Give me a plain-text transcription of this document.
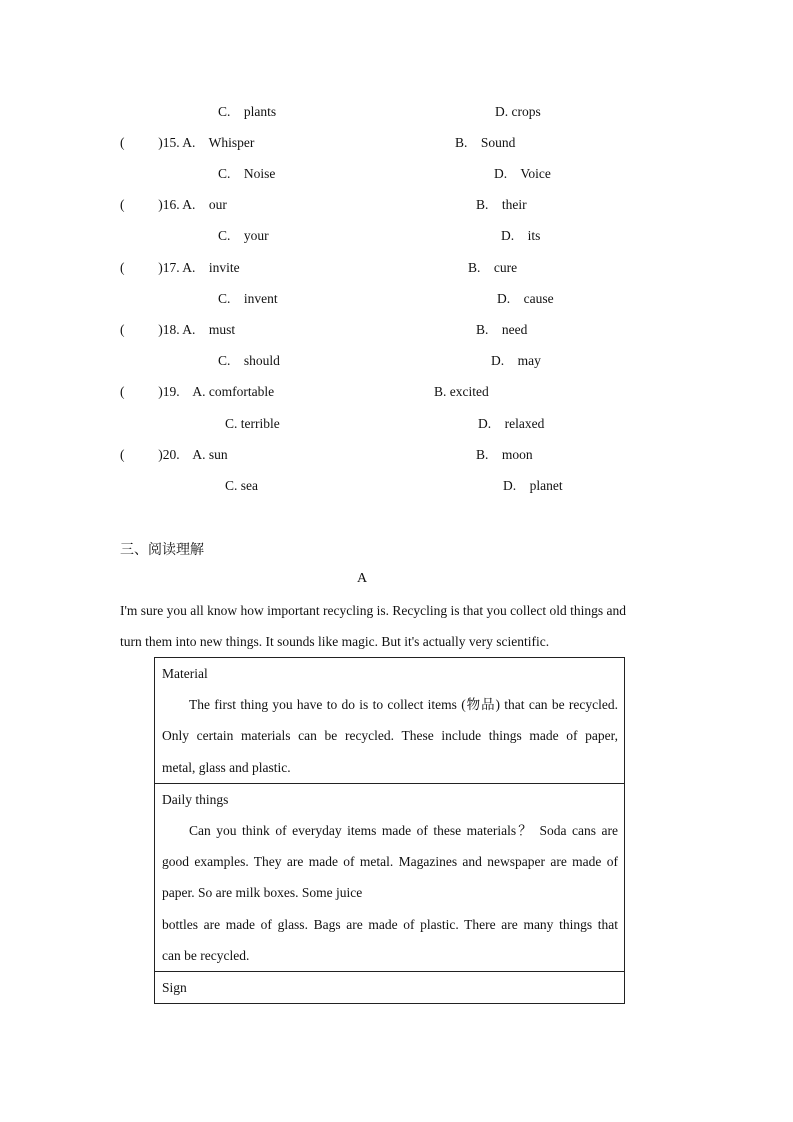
C.    plants	D. crops
(          )15. A.    Whisper	B.    Sound
C.    Noise	D.    Voice
(          )16. A.    our	B.    their
C.    your	D.    its
(          )17. A.    invite	B.    cure
C.    invent	D.    cause
(          )18. A.    must	B.    need
C.    should	D.    may
(          )19.    A. comfortable	B. excited
C. terrible	D.    relaxed
(          )20.    A. sun	B.    moon
C. sea	D.    planet
三、阅读理解
A
I'm sure you all know how important recycling is. Recycling is that you collect old things and
turn them into new things. It sounds like magic. But it's actually very scientific.
Material
The first thing you have to do is to collect items (物品) that can be recycled.
Only certain materials can be recycled. These include things made of paper,
metal, glass and plastic.

Daily things
Can you think of everyday items made of these materials？ Soda cans are
good examples. They are made of metal. Magazines and newspaper are made of
paper. So are milk boxes. Some juice
bottles are made of glass. Bags are made of plastic. There are many things that
can be recycled.

Sign
